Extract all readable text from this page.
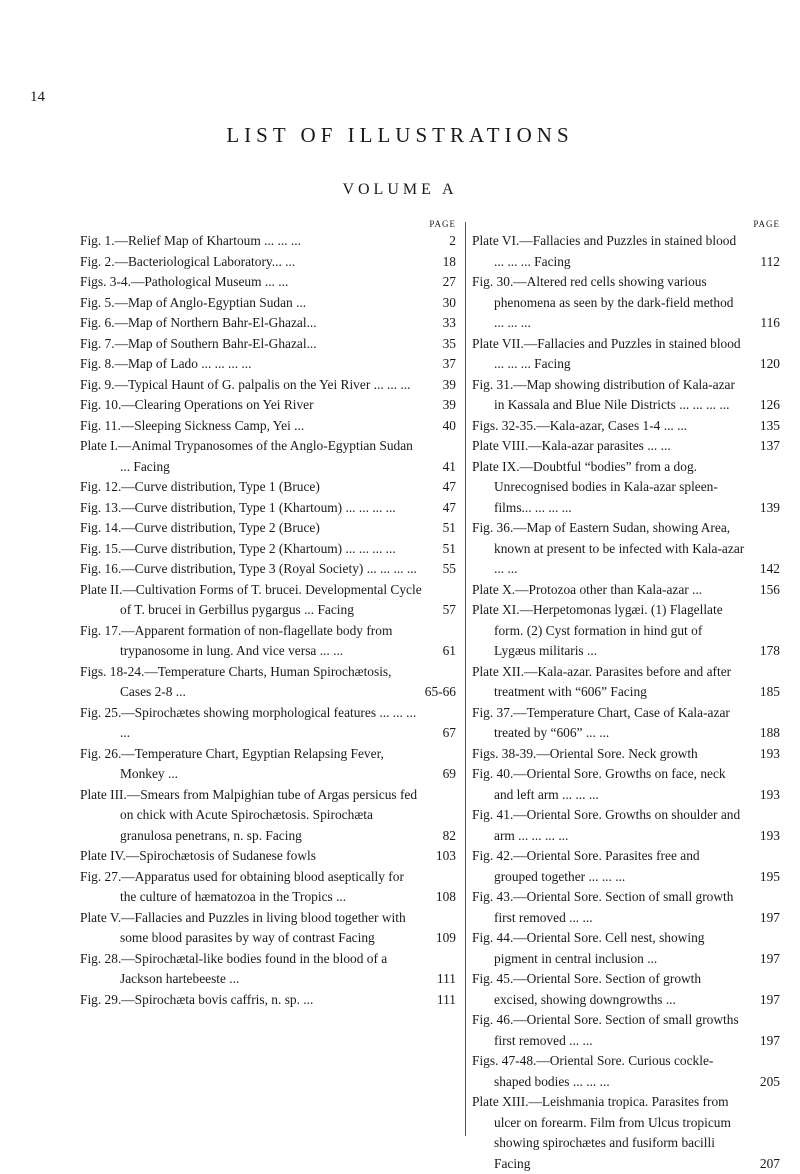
14
LIST OF ILLUSTRATIONS
VOLUME A
PAGE
Fig. 1.—Relief Map of Khartoum ... ... ...	2
Fig. 2.—Bacteriological Laboratory... ...	18
Figs. 3-4.—Pathological Museum ... ...	27
Fig. 5.—Map of Anglo-Egyptian Sudan ...	30
Fig. 6.—Map of Northern Bahr-El-Ghazal...	33
Fig. 7.—Map of Southern Bahr-El-Ghazal...	35
Fig. 8.—Map of Lado ... ... ... ...	37
Fig. 9.—Typical Haunt of G. palpalis on the Yei River ... ... ... 39
Fig. 10.—Clearing Operations on Yei River	39
Fig. 11.—Sleeping Sickness Camp, Yei ...	40
Plate I.—Animal Trypanosomes of the Anglo-Egyptian Sudan ... Facing	41
Fig. 12.—Curve distribution, Type 1 (Bruce)	47
Fig. 13.—Curve distribution, Type 1 (Khartoum) ... ... ... ...	47
Fig. 14.—Curve distribution, Type 2 (Bruce)	51
Fig. 15.—Curve distribution, Type 2 (Khartoum) ... ... ... ...	51
Fig. 16.—Curve distribution, Type 3 (Royal Society) ... ... ... ... 55
Plate II.—Cultivation Forms of T. brucei. Developmental Cycle of T. brucei in Gerbillus pygargus ... Facing	57
Fig. 17.—Apparent formation of non-flagellate body from trypanosome in lung. And vice versa ... ...	61
Figs. 18-24.—Temperature Charts, Human Spirochætosis, Cases 2-8 ...	65-66
Fig. 25.—Spirochætes showing morphological features ... ... ... ...	67
Fig. 26.—Temperature Chart, Egyptian Relapsing Fever, Monkey ...	69
Plate III.—Smears from Malpighian tube of Argas persicus fed on chick with Acute Spirochætosis. Spirochæta granulosa penetrans, n. sp. Facing	82
Plate IV.—Spirochætosis of Sudanese fowls	103
Fig. 27.—Apparatus used for obtaining blood aseptically for the culture of hæmatozoa in the Tropics ...	108
Plate V.—Fallacies and Puzzles in living blood together with some blood parasites by way of contrast Facing	109
Fig. 28.—Spirochætal-like bodies found in the blood of a Jackson hartebeeste ...	111
Fig. 29.—Spirochæta bovis caffris, n. sp. ...	111
PAGE
Plate VI.—Fallacies and Puzzles in stained blood ... ... ... Facing	112
Fig. 30.—Altered red cells showing various phenomena as seen by the dark-field method ... ... ...	116
Plate VII.—Fallacies and Puzzles in stained blood ... ... ... Facing	120
Fig. 31.—Map showing distribution of Kala-azar in Kassala and Blue Nile Districts ... ... ... ... 126
Figs. 32-35.—Kala-azar, Cases 1-4 ... ...	135
Plate VIII.—Kala-azar parasites ... ...	137
Plate IX.—Doubtful “bodies” from a dog. Unrecognised bodies in Kala-azar spleen-films... ... ... ...	139
Fig. 36.—Map of Eastern Sudan, showing Area, known at present to be infected with Kala-azar ... ...	142
Plate X.—Protozoa other than Kala-azar ...	156
Plate XI.—Herpetomonas lygæi. (1) Flagellate form. (2) Cyst formation in hind gut of Lygæus militaris ...	178
Plate XII.—Kala-azar. Parasites before and after treatment with “606” Facing	185
Fig. 37.—Temperature Chart, Case of Kala-azar treated by “606” ... ...	188
Figs. 38-39.—Oriental Sore. Neck growth	193
Fig. 40.—Oriental Sore. Growths on face, neck and left arm ... ... ...	193
Fig. 41.—Oriental Sore. Growths on shoulder and arm ... ... ... ...	193
Fig. 42.—Oriental Sore. Parasites free and grouped together ... ... ...	195
Fig. 43.—Oriental Sore. Section of small growth first removed ... ...	197
Fig. 44.—Oriental Sore. Cell nest, showing pigment in central inclusion ...	197
Fig. 45.—Oriental Sore. Section of growth excised, showing downgrowths ...	197
Fig. 46.—Oriental Sore. Section of small growths first removed ... ...	197
Figs. 47-48.—Oriental Sore. Curious cockle-shaped bodies ... ... ...	205
Plate XIII.—Leishmania tropica. Parasites from ulcer on forearm. Film from Ulcus tropicum showing spirochætes and fusiform bacilli Facing	207
